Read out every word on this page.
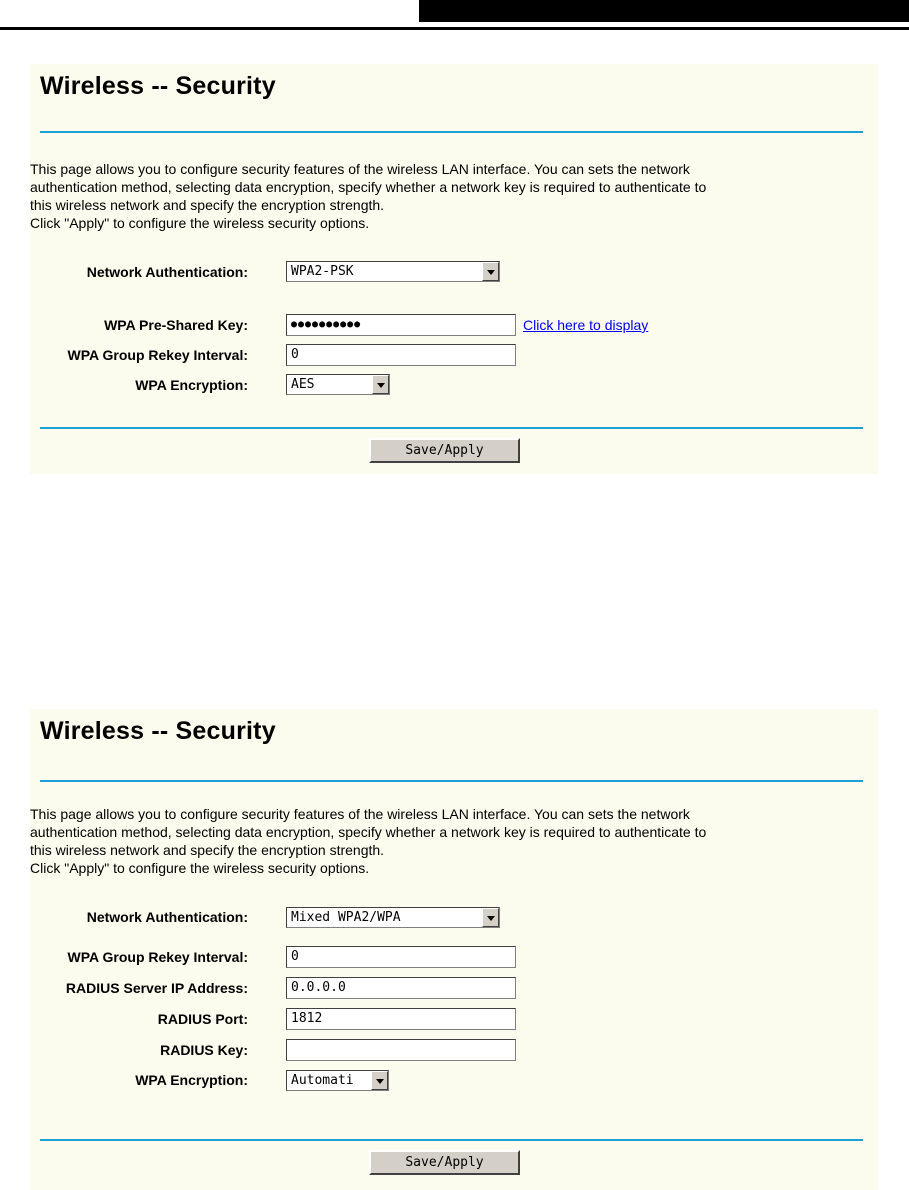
Wireless -- Security
This page allows you to configure security features of the wireless LAN interface. You can sets the network
authentication method, selecting data encryption, specify whether a network key is required to authenticate to
this wireless network and specify the encryption strength.
Click "Apply" to configure the wireless security options.
Network Authentication:	WPA2-PSK
WPA Pre-Shared Key:	●●●●●●●●●●	Click here to display
WPA Group Rekey Interval:	0
WPA Encryption:	AES
Save/Apply
Wireless -- Security
This page allows you to configure security features of the wireless LAN interface. You can sets the network
authentication method, selecting data encryption, specify whether a network key is required to authenticate to
this wireless network and specify the encryption strength.
Click "Apply" to configure the wireless security options.
Network Authentication:	Mixed WPA2/WPA
WPA Group Rekey Interval:	0
RADIUS Server IP Address:	0.0.0.0
RADIUS Port:	1812
RADIUS Key:
WPA Encryption:	Automati
Save/Apply
